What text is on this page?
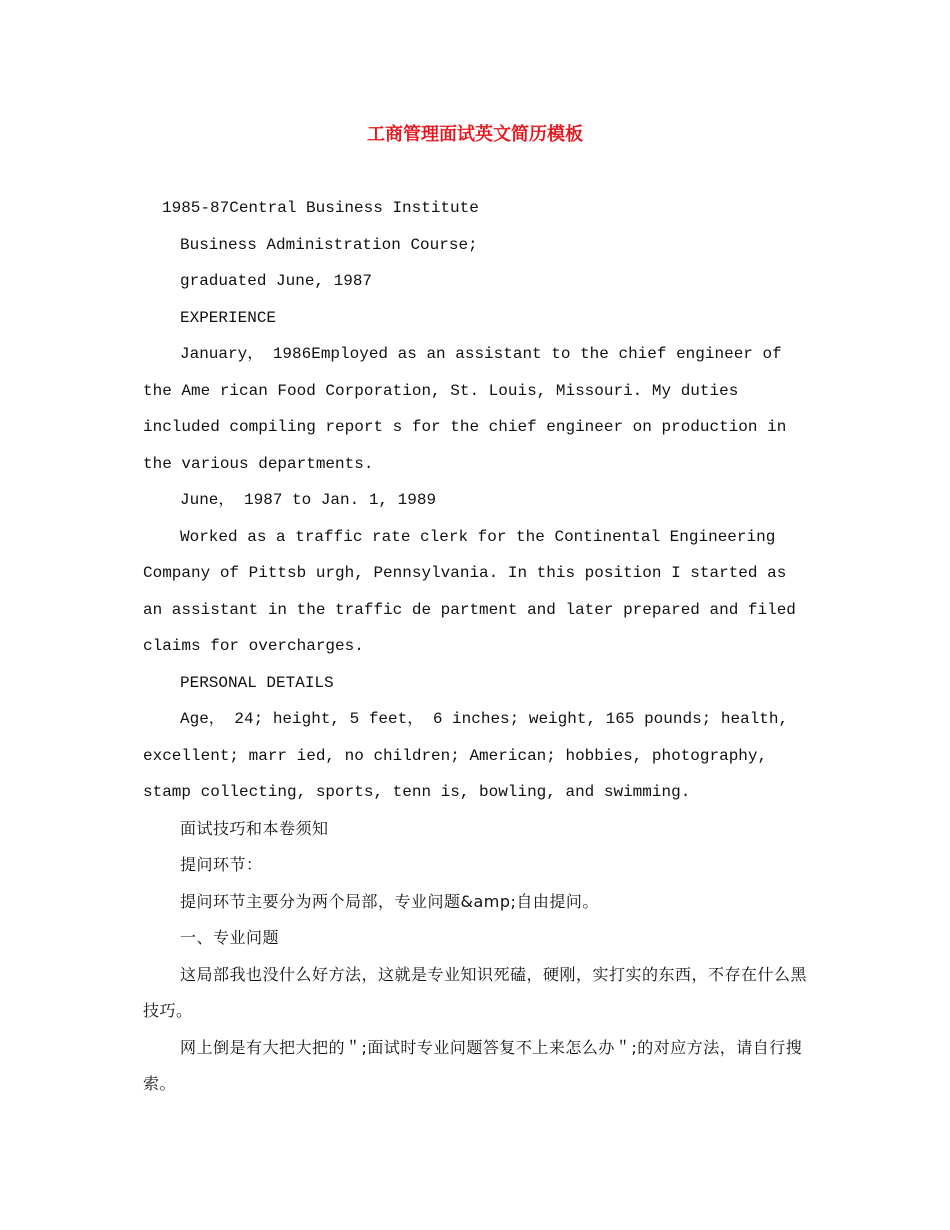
工商管理面试英文简历模板

1985-87Central Business Institute

Business Administration Course;

graduated June, 1987

EXPERIENCE

January， 1986Employed as an assistant to the chief engineer of the Ame rican Food Corporation, St. Louis, Missouri. My duties included compiling report s for the chief engineer on production in the various departments.

June， 1987 to Jan. 1, 1989

Worked as a traffic rate clerk for the Continental Engineering Company of Pittsb urgh, Pennsylvania. In this position I started as an assistant in the traffic de partment and later prepared and filed claims for overcharges.

PERSONAL DETAILS

Age， 24; height, 5 feet， 6 inches; weight, 165 pounds; health, excellent; marr ied, no children; American; hobbies, photography, stamp collecting, sports, tenn is, bowling, and swimming.

面试技巧和本卷须知

提问环节：

提问环节主要分为两个局部，专业问题&amp;自由提问。

一、专业问题

这局部我也没什么好方法，这就是专业知识死磕，硬刚，实打实的东西，不存在什么黑技巧。

网上倒是有大把大把的＂;面试时专业问题答复不上来怎么办＂;的对应方法，请自行搜索。
